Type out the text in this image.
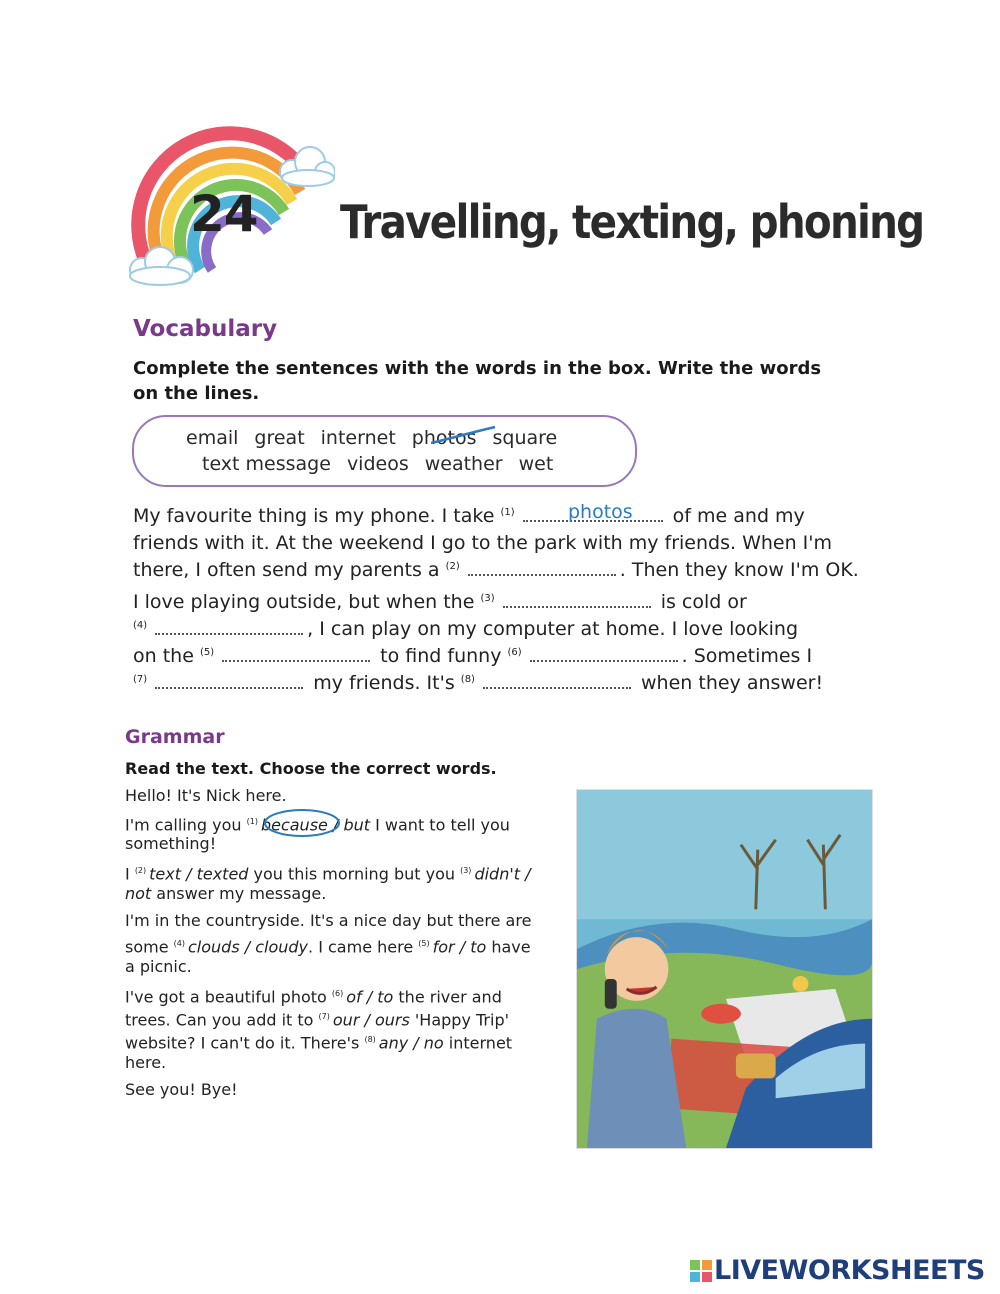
24 Travelling, texting, phoning
Vocabulary
Complete the sentences with the words in the box. Write the words
on the lines.
email great internet photos square
text message videos weather wet
My favourite thing is my phone. I take $^{(1)}$	of me and my
photos
friends with it. At the weekend I go to the park with my friends. When I'm
there, I often send my parents a $^{(2)}$	. Then they know I'm OK.
I love playing outside, but when the $^{(3)}$	is cold or
$^{(4)}$	, I can play on my computer at home. I love looking
on the $^{(5)}$	to find funny $^{(6)}$	. Sometimes I
$^{(7)}$	my friends. It's $^{(8)}$	when they answer!
Grammar
Read the text. Choose the correct words.
Hello! It's Nick here.
I'm calling you $^{(1)}$ because / but I want to tell you
something!
I $^{(2)}$ text / texted you this morning but you $^{(3)}$ didn't /
not answer my message.
I'm in the countryside. It's a nice day but there are
some $^{(4)}$ clouds / cloudy. I came here $^{(5)}$ for / to have
a picnic.
I've got a beautiful photo $^{(6)}$ of / to the river and
trees. Can you add it to $^{(7)}$ our / ours 'Happy Trip'
website? I can't do it. There's $^{(8)}$ any / no internet
here.
See you! Bye!
LIVEWORKSHEETS
